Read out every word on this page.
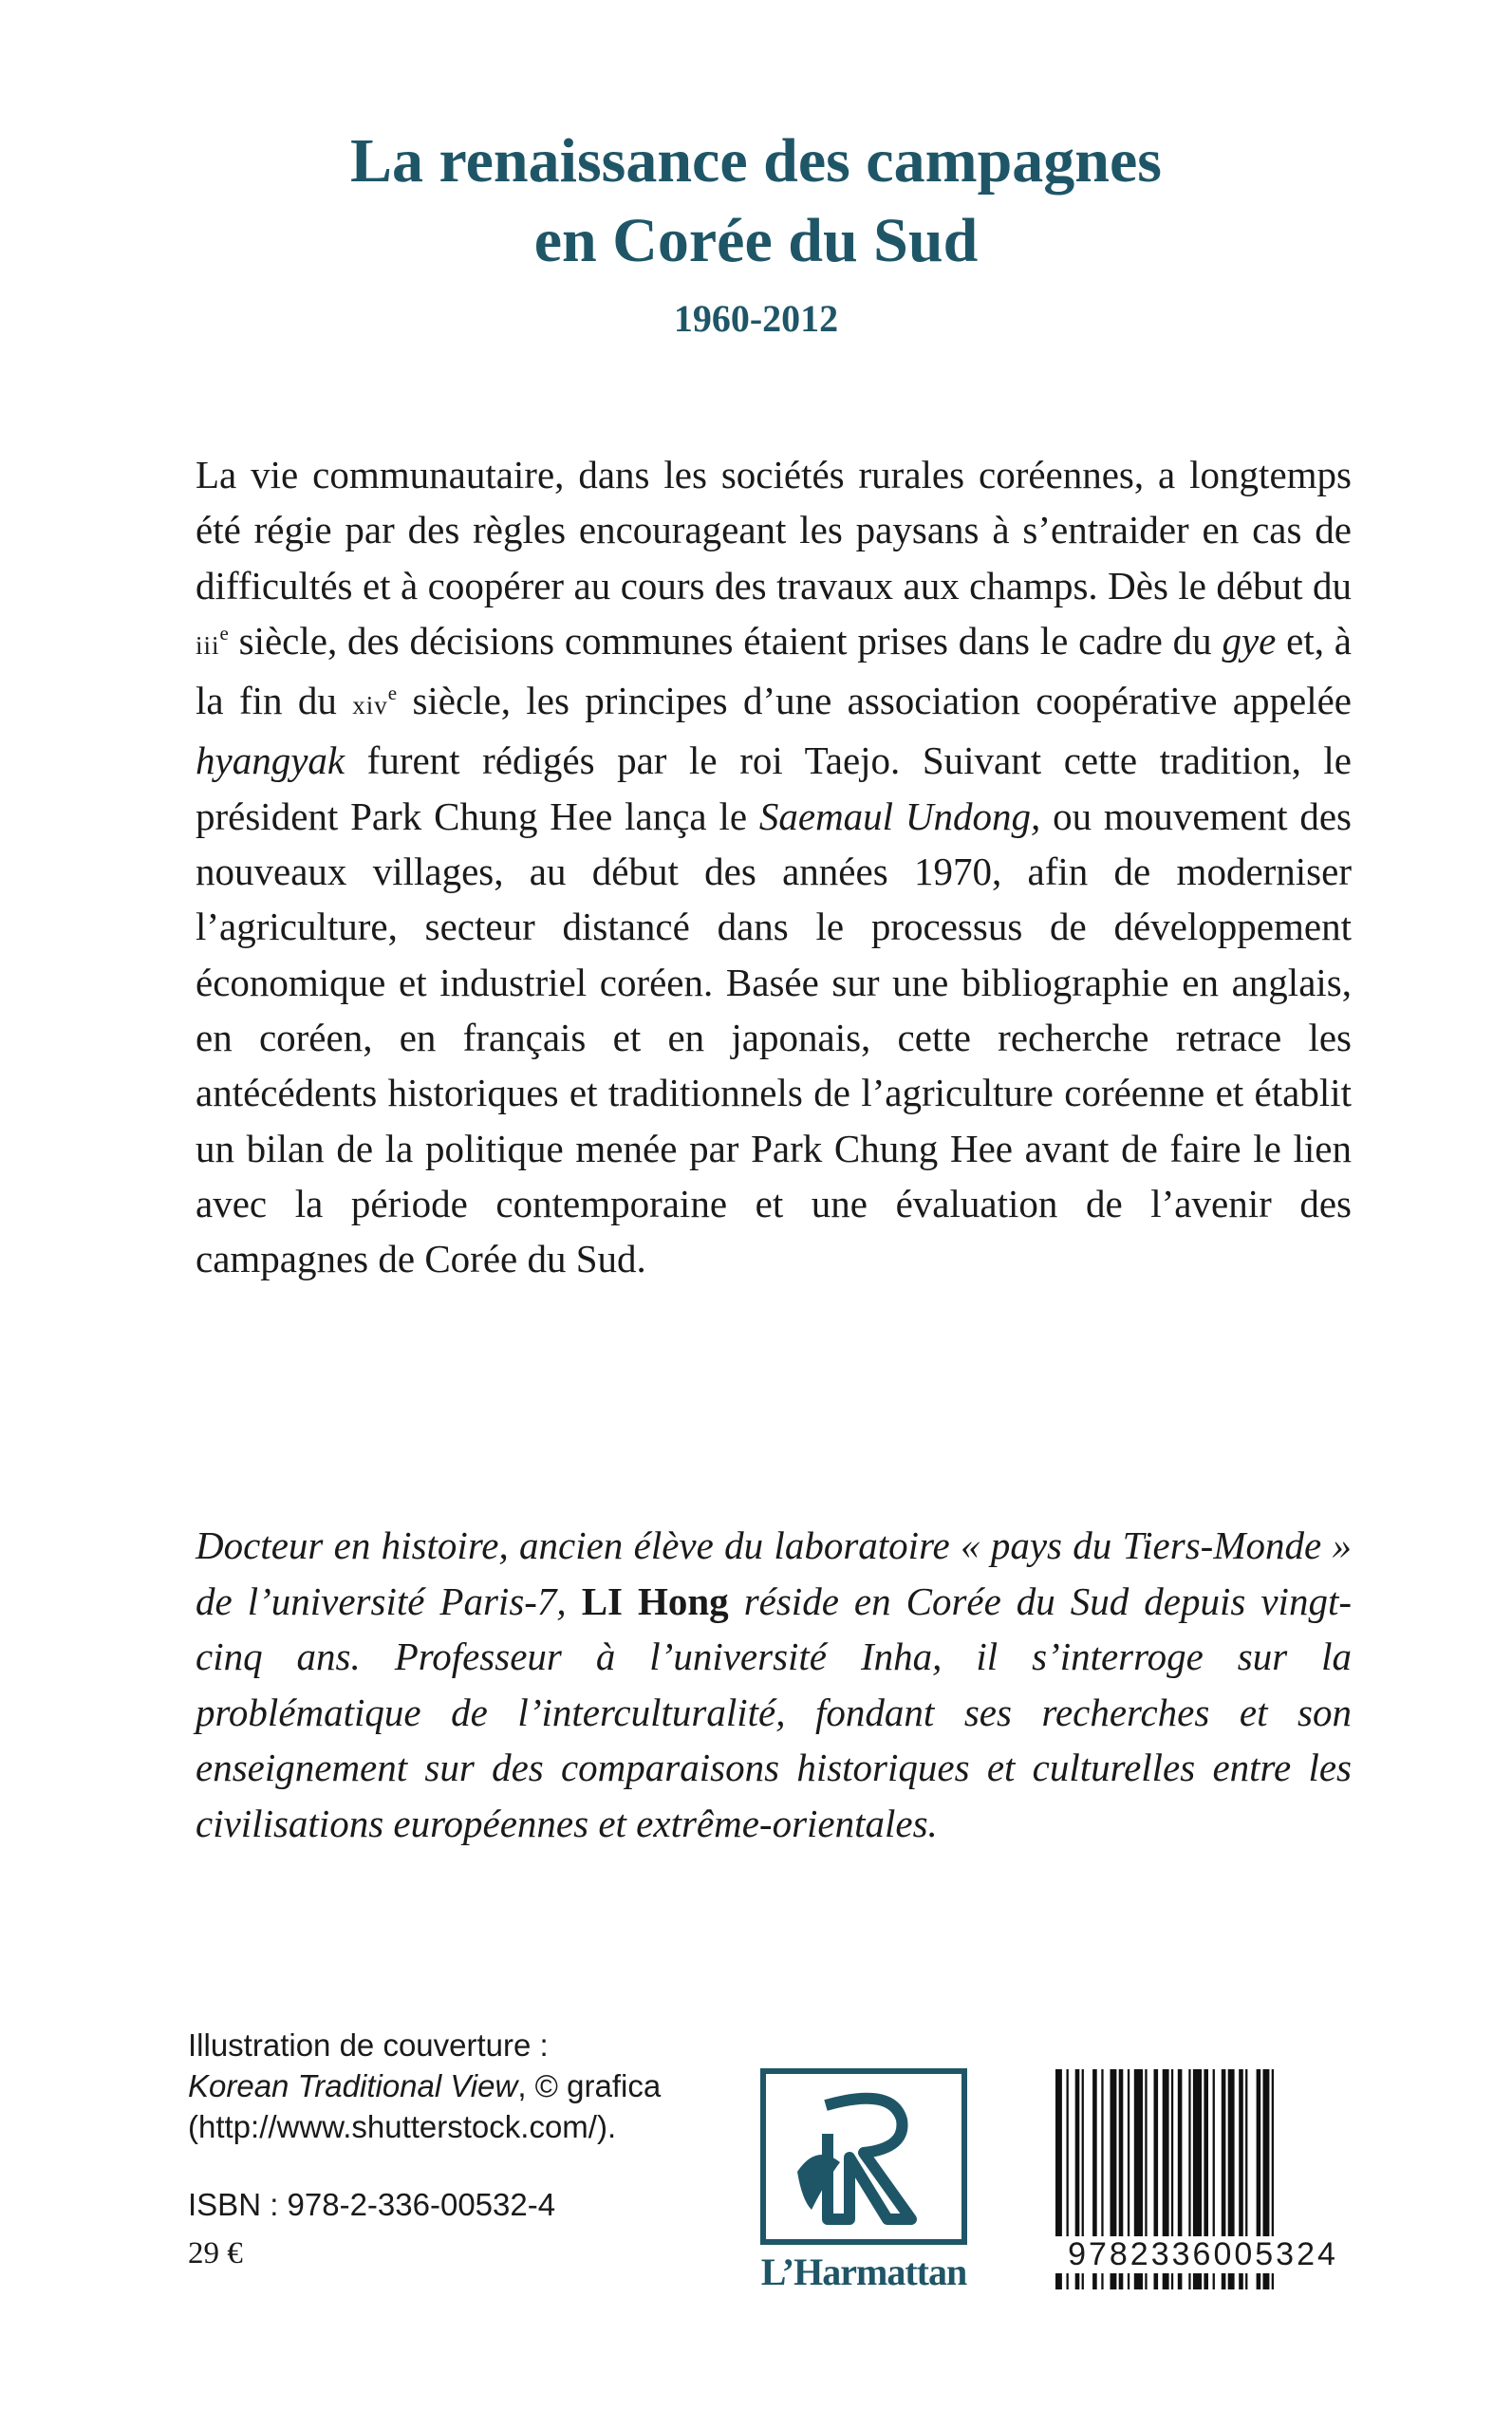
La renaissance des campagnes
en Corée du Sud
1960-2012

La vie communautaire, dans les sociétés rurales coréennes, a longtemps été régie par des règles encourageant les paysans à s’entraider en cas de difficultés et à coopérer au cours des travaux aux champs. Dès le début du iii$^e$ siècle, des décisions communes étaient prises dans le cadre du gye et, à la fin du xiv$^e$ siècle, les principes d’une association coopérative appelée hyangyak furent rédigés par le roi Taejo. Suivant cette tradition, le président Park Chung Hee lança le Saemaul Undong, ou mouvement des nouveaux villages, au début des années 1970, afin de moderniser l’agriculture, secteur distancé dans le processus de développement économique et industriel coréen. Basée sur une bibliographie en anglais, en coréen, en français et en japonais, cette recherche retrace les antécédents historiques et traditionnels de l’agriculture coréenne et établit un bilan de la politique menée par Park Chung Hee avant de faire le lien avec la période contemporaine et une évaluation de l’avenir des campagnes de Corée du Sud.

Docteur en histoire, ancien élève du laboratoire « pays du Tiers-Monde » de l’université Paris-7, LI Hong réside en Corée du Sud depuis vingt-cinq ans. Professeur à l’université Inha, il s’interroge sur la problématique de l’interculturalité, fondant ses recherches et son enseignement sur des comparaisons historiques et culturelles entre les civilisations européennes et extrême-orientales.

Illustration de couverture :
Korean Traditional View, © grafica
(http://www.shutterstock.com/).
ISBN : 978-2-336-00532-4
29 €	L’Harmattan	9782336005324
